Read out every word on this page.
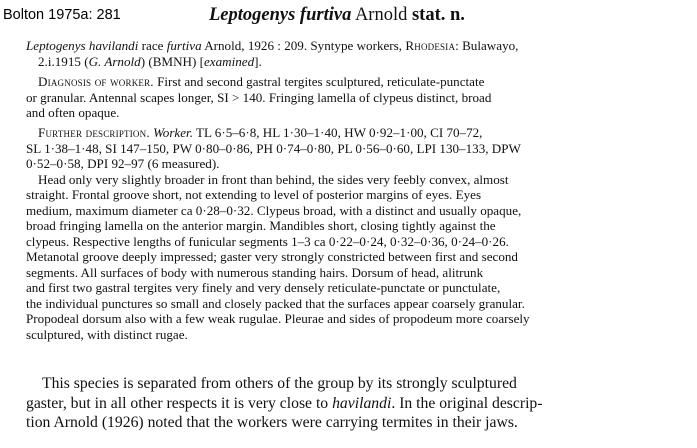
Bolton 1975a: 281	Leptogenys furtiva Arnold stat. n.
Leptogenys havilandi race furtiva Arnold, 1926 : 209. Syntype workers, Rhodesia: Bulawayo,
2.i.1915 (G. Arnold) (BMNH) [examined].
Diagnosis of worker. First and second gastral tergites sculptured, reticulate-punctate
or granular. Antennal scapes longer, SI > 140. Fringing lamella of clypeus distinct, broad
and often opaque.
Further description. Worker. TL 6·5–6·8, HL 1·30–1·40, HW 0·92–1·00, CI 70–72,
SL 1·38–1·48, SI 147–150, PW 0·80–0·86, PH 0·74–0·80, PL 0·56–0·60, LPI 130–133, DPW
0·52–0·58, DPI 92–97 (6 measured).
Head only very slightly broader in front than behind, the sides very feebly convex, almost
straight. Frontal groove short, not extending to level of posterior margins of eyes. Eyes
medium, maximum diameter ca 0·28–0·32. Clypeus broad, with a distinct and usually opaque,
broad fringing lamella on the anterior margin. Mandibles short, closing tightly against the
clypeus. Respective lengths of funicular segments 1–3 ca 0·22–0·24, 0·32–0·36, 0·24–0·26.
Metanotal groove deeply impressed; gaster very strongly constricted between first and second
segments. All surfaces of body with numerous standing hairs. Dorsum of head, alitrunk
and first two gastral tergites very finely and very densely reticulate-punctate or punctulate,
the individual punctures so small and closely packed that the surfaces appear coarsely granular.
Propodeal dorsum also with a few weak rugulae. Pleurae and sides of propodeum more coarsely
sculptured, with distinct rugae.
This species is separated from others of the group by its strongly sculptured
gaster, but in all other respects it is very close to havilandi. In the original descrip-
tion Arnold (1926) noted that the workers were carrying termites in their jaws.
